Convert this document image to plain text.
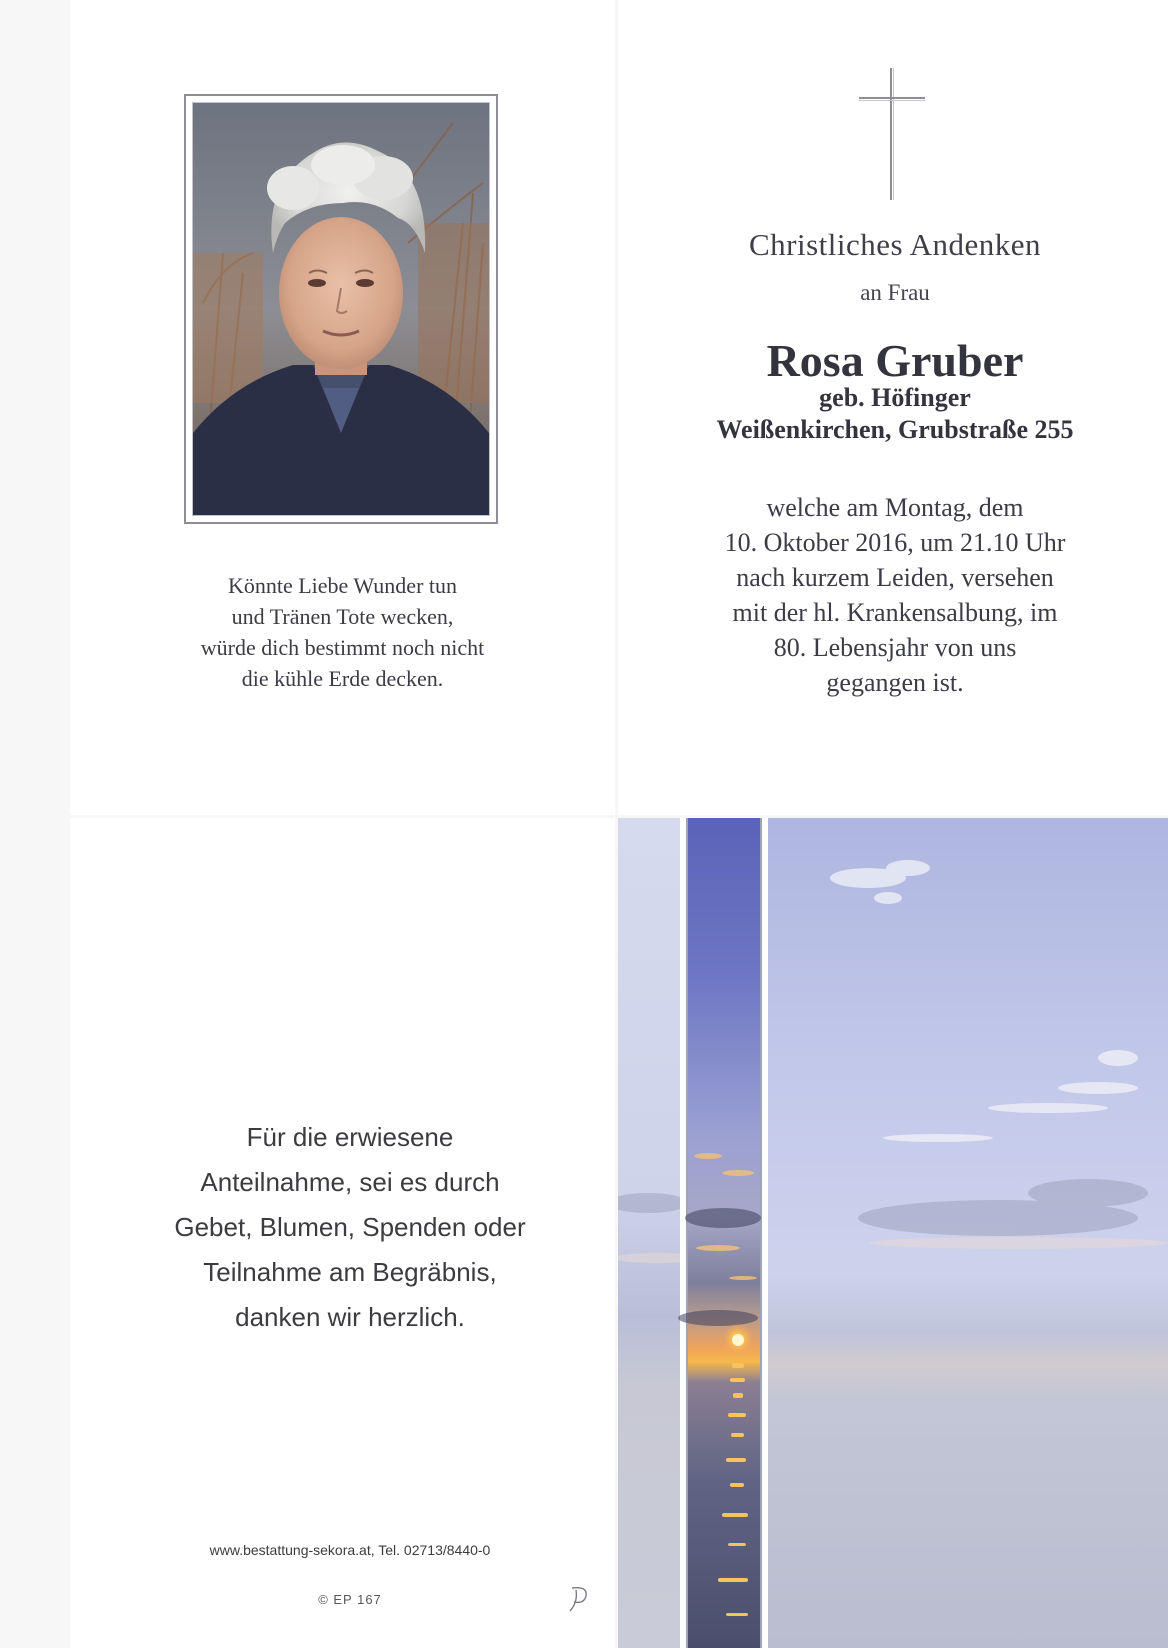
Könnte Liebe Wunder tun
und Tränen Tote wecken,
würde dich bestimmt noch nicht
die kühle Erde decken.
Christliches Andenken
an Frau
Rosa Gruber
geb. Höfinger
Weißenkirchen, Grubstraße 255
welche am Montag, dem
10. Oktober 2016, um 21.10 Uhr
nach kurzem Leiden, versehen
mit der hl. Krankensalbung, im
80. Lebensjahr von uns
gegangen ist.
Für die erwiesene
Anteilnahme, sei es durch
Gebet, Blumen, Spenden oder
Teilnahme am Begräbnis,
danken wir herzlich.
www.bestattung-sekora.at, Tel. 02713/8440-0
© EP 167
